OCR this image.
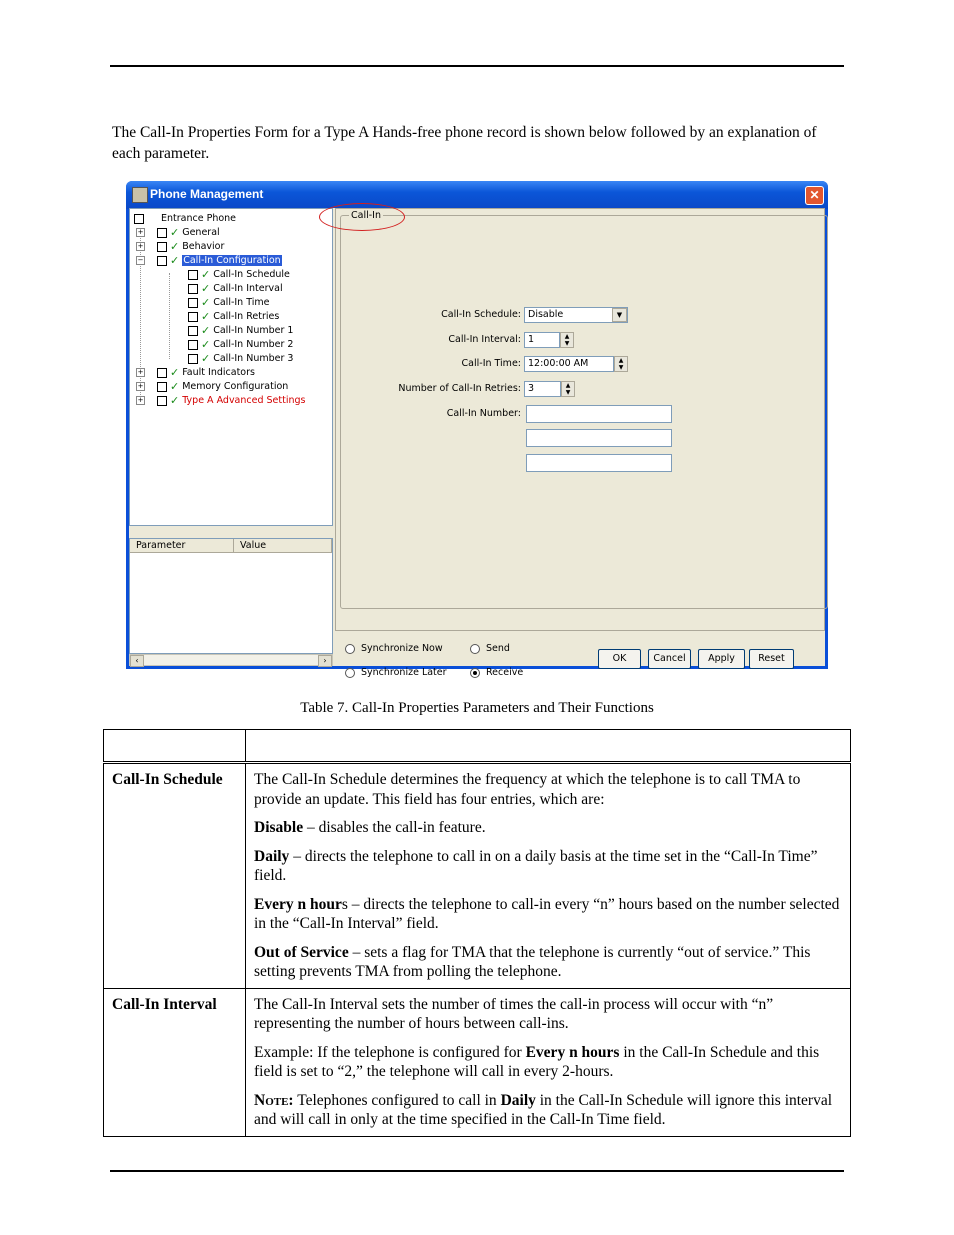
The Call-In Properties Form for a Type A Hands-free phone record is shown below followed by an explanation of each parameter.
Phone Management	✕
Entrance Phone
+ ✓ General
+ ✓ Behavior
− ✓ Call-In Configuration
✓ Call-In Schedule
✓ Call-In Interval
✓ Call-In Time
✓ Call-In Retries
✓ Call-In Number 1
✓ Call-In Number 2
✓ Call-In Number 3
+ ✓ Fault Indicators
+ ✓ Memory Configuration
+ ✓ Type A Advanced Settings
Parameter	Value
‹	›
Call-In
Call-In Schedule: Disable	▼
Call-In Interval: 1	▲
▼
Call-In Time: 12:00:00 AM	▲
▼
Number of Call-In Retries: 3	▲
▼
Call-In Number:
Synchronize Now
Synchronize Later
Send
Receive
OK	Cancel	Apply	Reset
Table 7. Call-In Properties Parameters and Their Functions

Call-In Schedule	The Call-In Schedule determines the frequency at which the telephone is to call TMA to provide an update. This field has four entries, which are:

Disable – disables the call-in feature.

Daily – directs the telephone to call in on a daily basis at the time set in the “Call-In Time” field.

Every n hours – directs the telephone to call-in every “n” hours based on the number selected in the “Call-In Interval” field.

Out of Service – sets a flag for TMA that the telephone is currently “out of service.” This setting prevents TMA from polling the telephone.

Call-In Interval	The Call-In Interval sets the number of times the call-in process will occur with “n” representing the number of hours between call-ins.

Example: If the telephone is configured for Every n hours in the Call-In Schedule and this field is set to “2,” the telephone will call in every 2-hours.

Note: Telephones configured to call in Daily in the Call-In Schedule will ignore this interval and will call in only at the time specified in the Call-In Time field.
